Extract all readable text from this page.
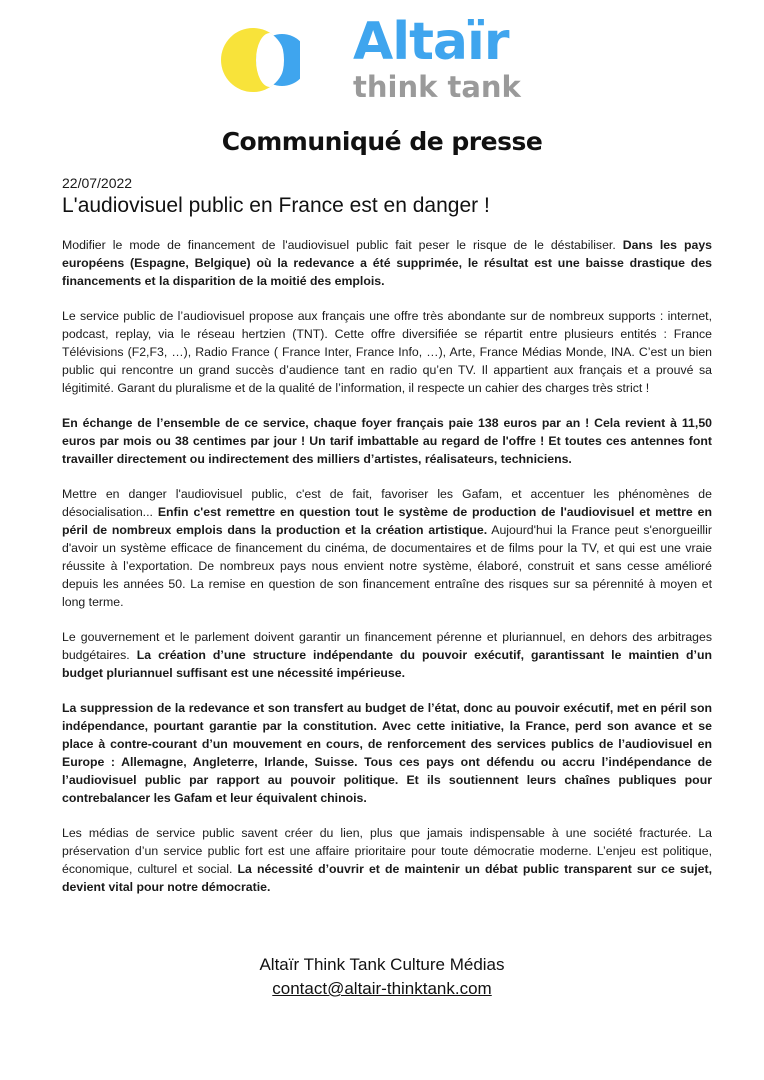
Altaïr
think tank
Communiqué de presse
22/07/2022
L'audiovisuel public en France est en danger !

Modifier le mode de financement de l'audiovisuel public fait peser le risque de le déstabiliser. Dans les pays européens (Espagne, Belgique) où la redevance a été supprimée, le résultat est une baisse drastique des financements et la disparition de la moitié des emplois.

Le service public de l’audiovisuel propose aux français une offre très abondante sur de nombreux supports : internet, podcast, replay, via le réseau hertzien (TNT). Cette offre diversifiée se répartit entre plusieurs entités : France Télévisions (F2,F3, …), Radio France ( France Inter, France Info, …), Arte, France Médias Monde, INA. C’est un bien public qui rencontre un grand succès d’audience tant en radio qu’en TV. Il appartient aux français et a prouvé sa légitimité. Garant du pluralisme et de la qualité de l’information, il respecte un cahier des charges très strict !

En échange de l’ensemble de ce service, chaque foyer français paie 138 euros par an ! Cela revient à 11,50 euros par mois ou 38 centimes par jour ! Un tarif imbattable au regard de l'offre ! Et toutes ces antennes font travailler directement ou indirectement des milliers d’artistes, réalisateurs, techniciens.

Mettre en danger l'audiovisuel public, c'est de fait, favoriser les Gafam, et accentuer les phénomènes de désocialisation... Enfin c'est remettre en question tout le système de production de l'audiovisuel et mettre en péril de nombreux emplois dans la production et la création artistique. Aujourd'hui la France peut s'enorgueillir d'avoir un système efficace de financement du cinéma, de documentaires et de films pour la TV, et qui est une vraie réussite à l’exportation. De nombreux pays nous envient notre système, élaboré, construit et sans cesse amélioré depuis les années 50. La remise en question de son financement entraîne des risques sur sa pérennité à moyen et long terme.

Le gouvernement et le parlement doivent garantir un financement pérenne et pluriannuel, en dehors des arbitrages budgétaires. La création d’une structure indépendante du pouvoir exécutif, garantissant le maintien d’un budget pluriannuel suffisant est une nécessité impérieuse.

La suppression de la redevance et son transfert au budget de l’état, donc au pouvoir exécutif, met en péril son indépendance, pourtant garantie par la constitution. Avec cette initiative, la France, perd son avance et se place à contre-courant d’un mouvement en cours, de renforcement des services publics de l’audiovisuel en Europe : Allemagne, Angleterre, Irlande, Suisse. Tous ces pays ont défendu ou accru l’indépendance de l’audiovisuel public par rapport au pouvoir politique. Et ils soutiennent leurs chaînes publiques pour contrebalancer les Gafam et leur équivalent chinois.

Les médias de service public savent créer du lien, plus que jamais indispensable à une société fracturée. La préservation d’un service public fort est une affaire prioritaire pour toute démocratie moderne. L’enjeu est politique, économique, culturel et social. La nécessité d’ouvrir et de maintenir un débat public transparent sur ce sujet, devient vital pour notre démocratie.

Altaïr Think Tank Culture Médias
contact@altair-thinktank.com
